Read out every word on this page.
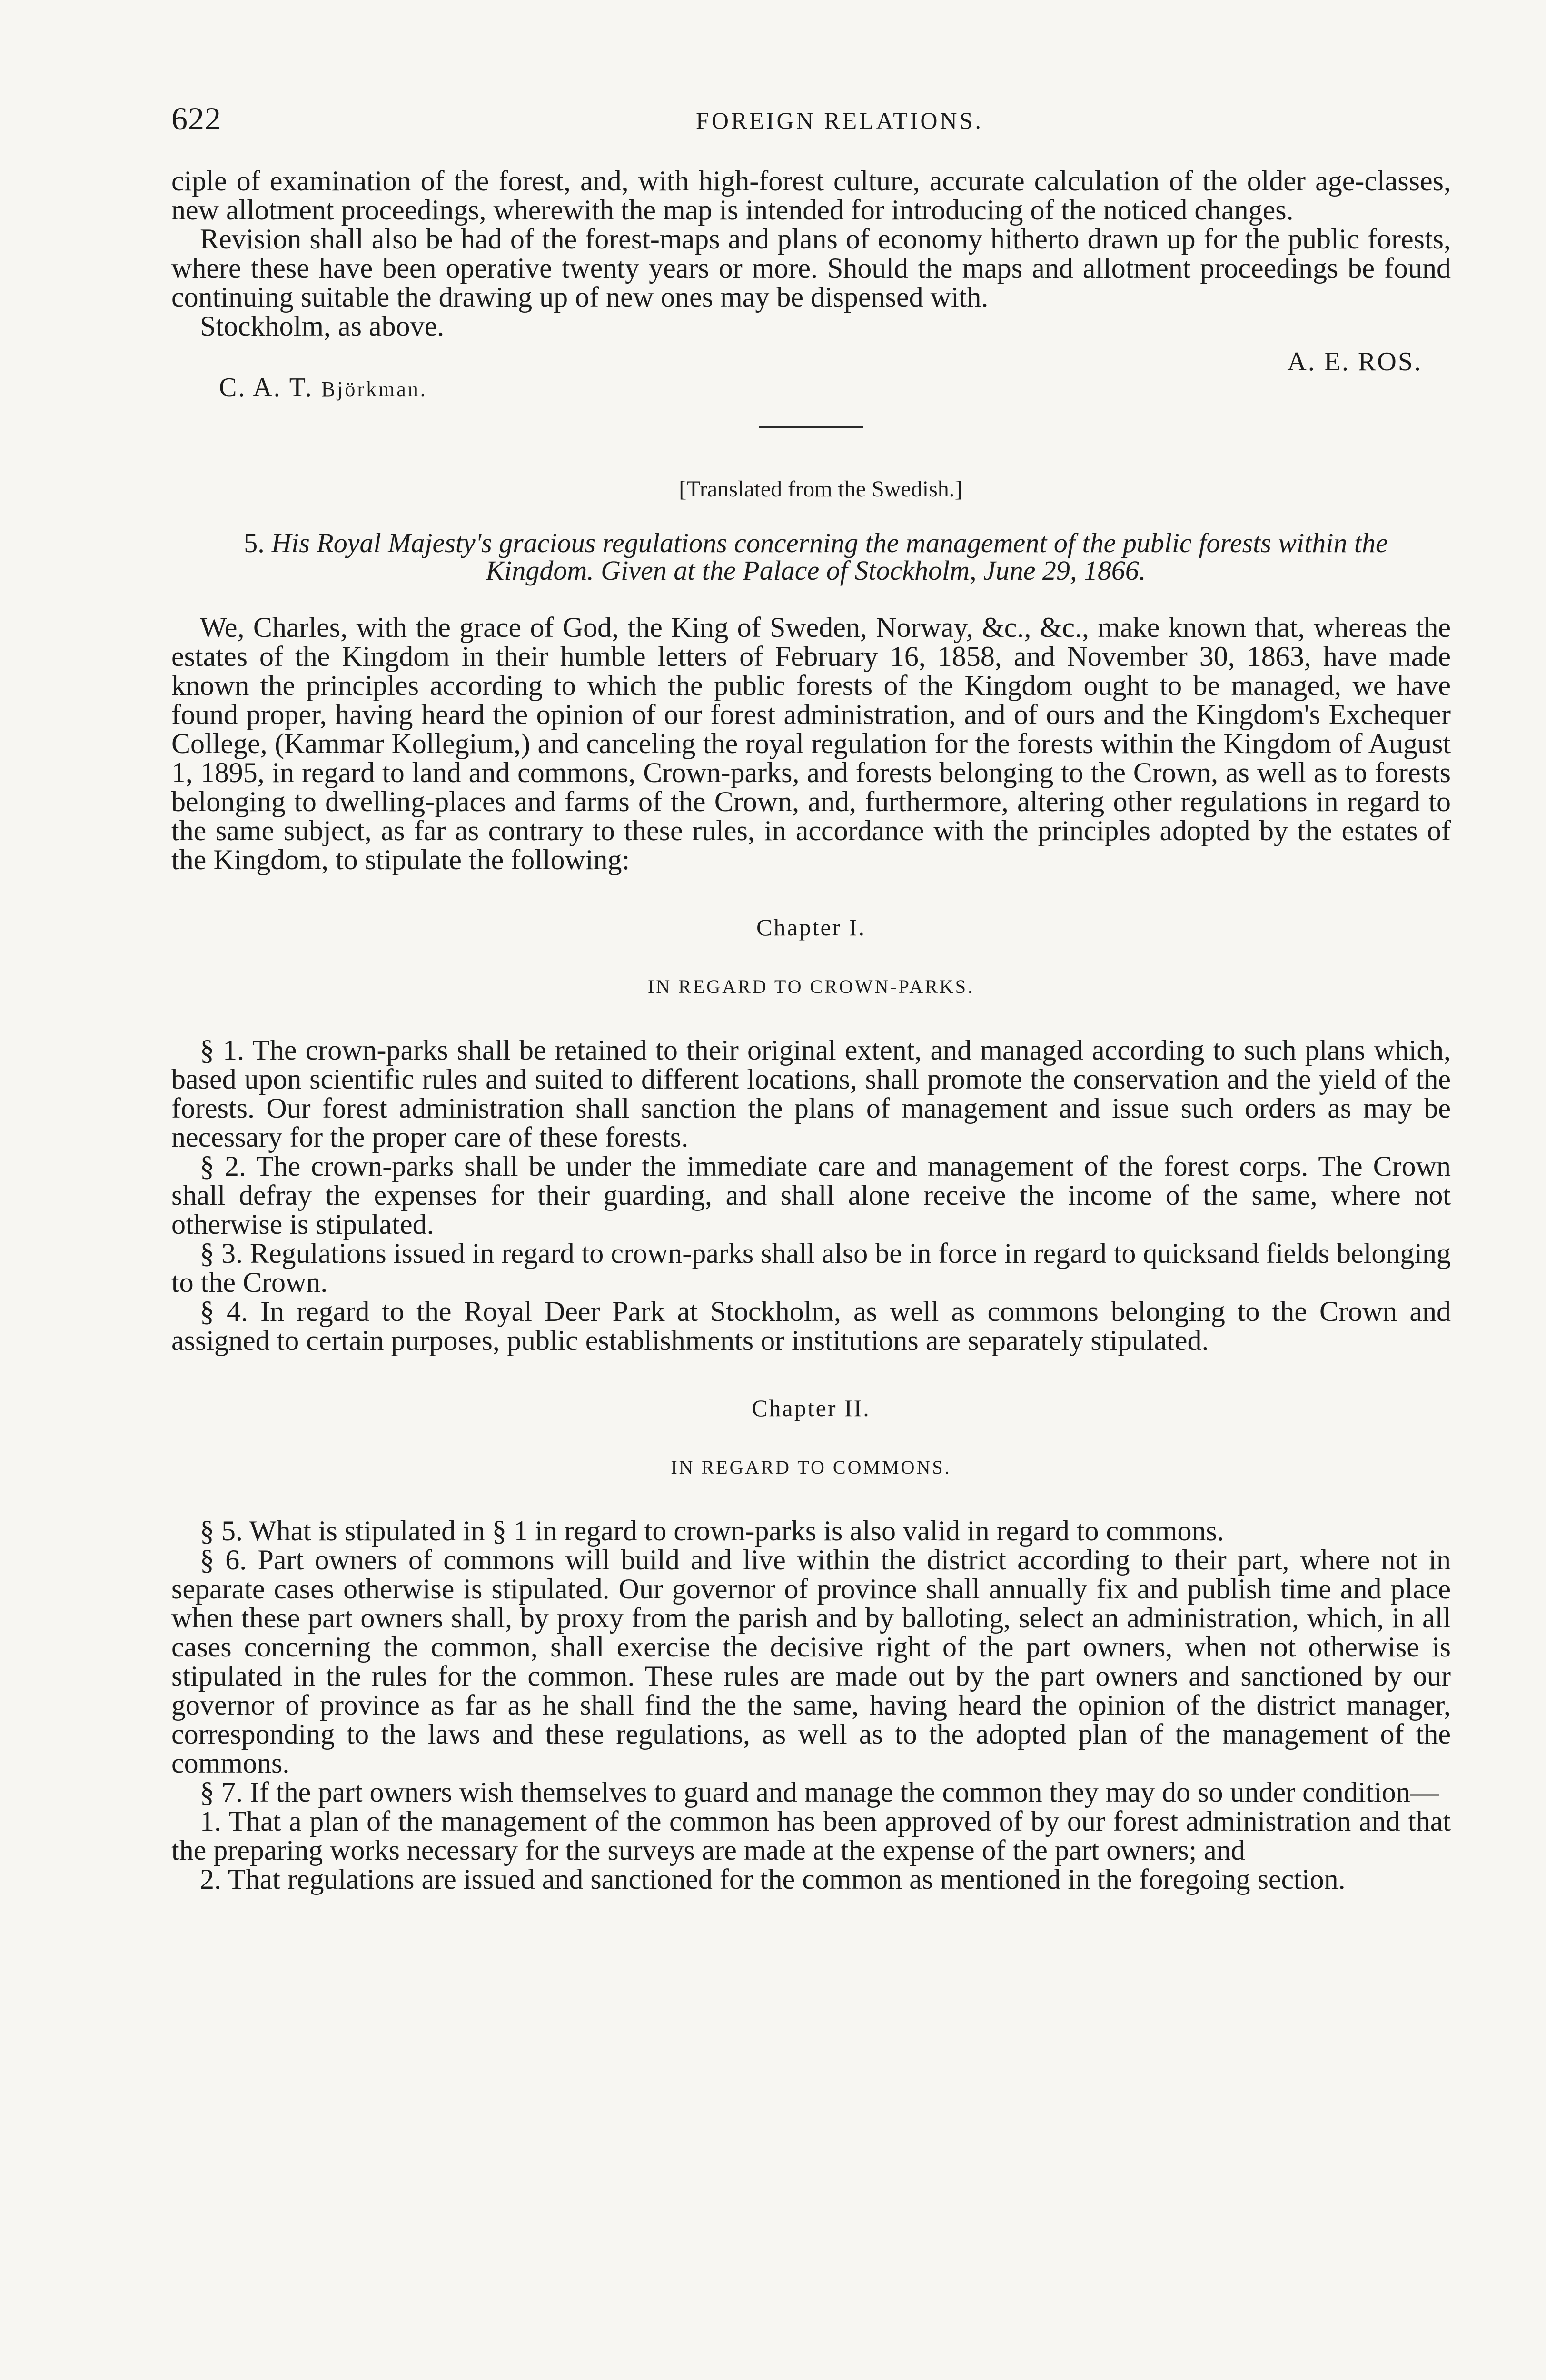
622	FOREIGN RELATIONS.

ciple of examination of the forest, and, with high-forest culture, accurate calculation of the older age-classes, new allotment proceedings, wherewith the map is intended for introducing of the noticed changes.

Revision shall also be had of the forest-maps and plans of economy hitherto drawn up for the public forests, where these have been operative twenty years or more. Should the maps and allotment proceedings be found continuing suitable the drawing up of new ones may be dispensed with.

Stockholm, as above.

C. A. T. Björkman.
A. E. ROS.
[Translated from the Swedish.]
5. His Royal Majesty's gracious regulations concerning the management of the public forests within the Kingdom. Given at the Palace of Stockholm, June 29, 1866.

We, Charles, with the grace of God, the King of Sweden, Norway, &c., &c., make known that, whereas the estates of the Kingdom in their humble letters of February 16, 1858, and November 30, 1863, have made known the principles according to which the public forests of the Kingdom ought to be managed, we have found proper, having heard the opinion of our forest administration, and of ours and the Kingdom's Exchequer College, (Kammar Kollegium,) and canceling the royal regulation for the forests within the Kingdom of August 1, 1895, in regard to land and commons, Crown-parks, and forests belonging to the Crown, as well as to forests belonging to dwelling-places and farms of the Crown, and, furthermore, altering other regulations in regard to the same subject, as far as contrary to these rules, in accordance with the principles adopted by the estates of the Kingdom, to stipulate the following:

Chapter I.
IN REGARD TO CROWN-PARKS.

§ 1. The crown-parks shall be retained to their original extent, and managed according to such plans which, based upon scientific rules and suited to different locations, shall promote the conservation and the yield of the forests. Our forest administration shall sanction the plans of management and issue such orders as may be necessary for the proper care of these forests.

§ 2. The crown-parks shall be under the immediate care and management of the forest corps. The Crown shall defray the expenses for their guarding, and shall alone receive the income of the same, where not otherwise is stipulated.

§ 3. Regulations issued in regard to crown-parks shall also be in force in regard to quicksand fields belonging to the Crown.

§ 4. In regard to the Royal Deer Park at Stockholm, as well as commons belonging to the Crown and assigned to certain purposes, public establishments or institutions are separately stipulated.

Chapter II.
IN REGARD TO COMMONS.

§ 5. What is stipulated in § 1 in regard to crown-parks is also valid in regard to commons.

§ 6. Part owners of commons will build and live within the district according to their part, where not in separate cases otherwise is stipulated. Our governor of province shall annually fix and publish time and place when these part owners shall, by proxy from the parish and by balloting, select an administration, which, in all cases concerning the common, shall exercise the decisive right of the part owners, when not otherwise is stipulated in the rules for the common. These rules are made out by the part owners and sanctioned by our governor of province as far as he shall find the the same, having heard the opinion of the district manager, corresponding to the laws and these regulations, as well as to the adopted plan of the management of the commons.

§ 7. If the part owners wish themselves to guard and manage the common they may do so under condition—

1. That a plan of the management of the common has been approved of by our forest administration and that the preparing works necessary for the surveys are made at the expense of the part owners; and

2. That regulations are issued and sanctioned for the common as mentioned in the foregoing section.
